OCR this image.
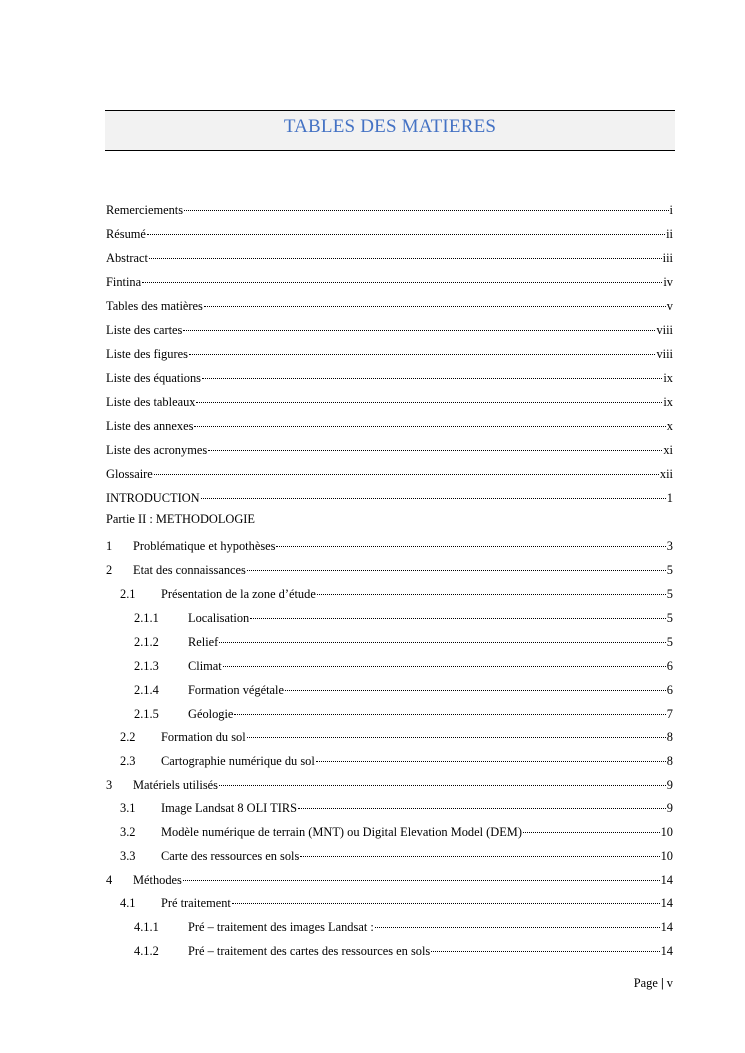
TABLES DES MATIERES
Remerciements	i
Résumé	ii
Abstract	iii
Fintina	iv
Tables des matières	v
Liste des cartes	viii
Liste des figures	viii
Liste des équations	ix
Liste des tableaux	ix
Liste des annexes	x
Liste des acronymes	xi
Glossaire	xii
INTRODUCTION	1
Partie II : METHODOLOGIE
1 Problématique et hypothèses	3
2 Etat des connaissances	5
2.1 Présentation de la zone d’étude	5
2.1.1 Localisation	5
2.1.2 Relief	5
2.1.3 Climat	6
2.1.4 Formation végétale	6
2.1.5 Géologie	7
2.2 Formation du sol	8
2.3 Cartographie numérique du sol	8
3 Matériels utilisés	9
3.1 Image Landsat 8 OLI TIRS	9
3.2 Modèle numérique de terrain (MNT) ou Digital Elevation Model (DEM)	10
3.3 Carte des ressources en sols	10
4 Méthodes	14
4.1 Pré traitement	14
4.1.1 Pré – traitement des images Landsat :	14
4.1.2 Pré – traitement des cartes des ressources en sols	14
Page | v
